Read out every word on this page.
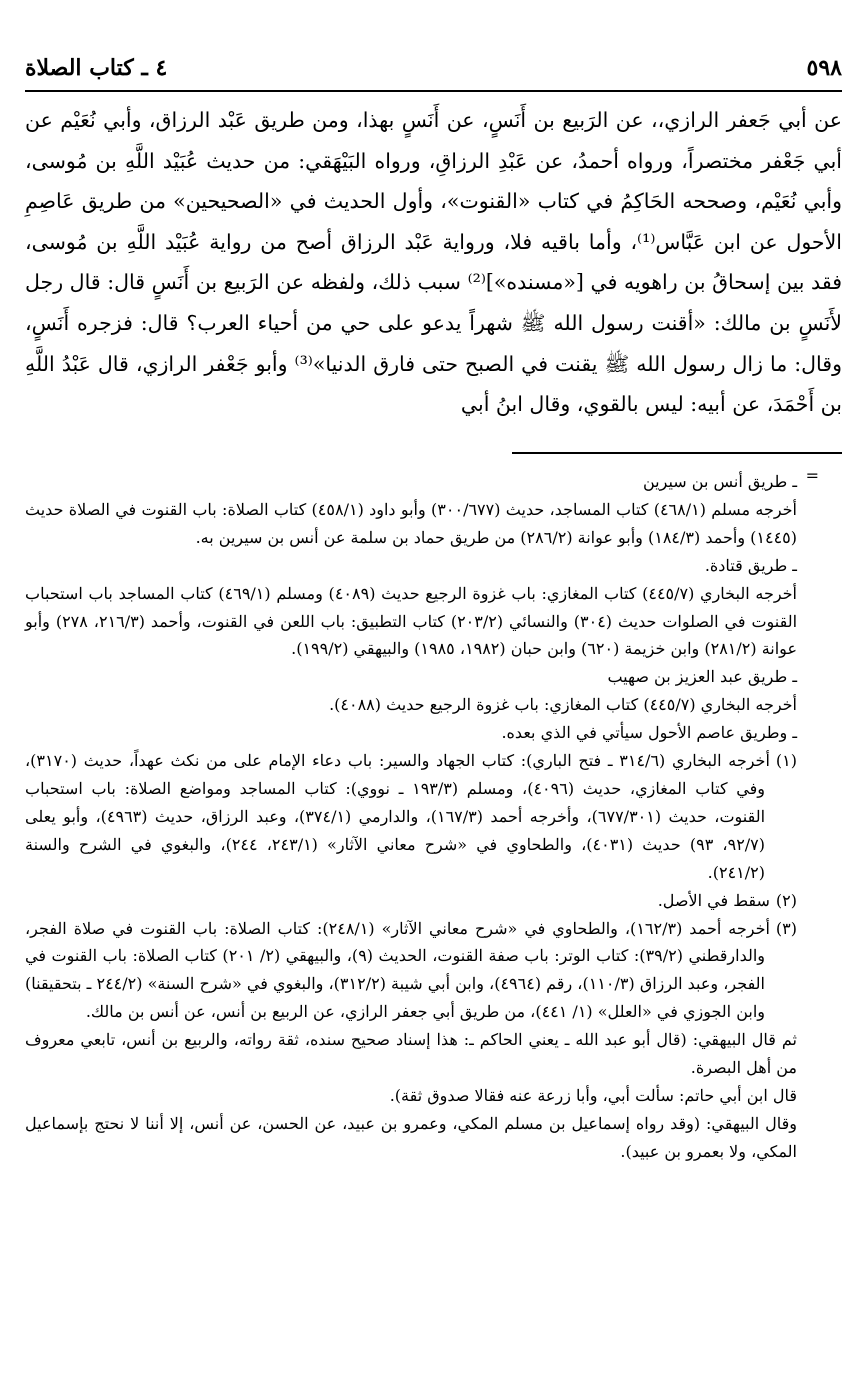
٥٩٨
٤ ـ كتاب الصلاة

عن أبي جَعفر الرازي،، عن الرَبيع بن أَنَسٍ، عن أَنَسٍ بهذا، ومن طريق عَبْد الرزاق، وأبي نُعَيْم عن أبي جَعْفر مختصراً، ورواه أحمدُ، عن عَبْدِ الرزاقِ، ورواه البَيْهَقي: من حديث عُبَيْد اللَّهِ بن مُوسى، وأبي نُعَيْم، وصححه الحَاكِمُ في كتاب «القنوت»، وأول الحديث في «الصحيحين» من طريق عَاصِمِ الأحول عن ابن عَبَّاس⁽¹⁾، وأما باقيه فلا، ورواية عَبْد الرزاق أصح من رواية عُبَيْد اللَّهِ بن مُوسى، فقد بين إسحاقُ بن راهويه في [«مسنده»]⁽²⁾ سبب ذلك، ولفظه عن الرَبيع بن أَنَسٍ قال: قال رجل لأَنَسٍ بن مالك: «أقنت رسول الله ﷺ شهراً يدعو على حي من أحياء العرب؟ قال: فزجره أَنَسٍ، وقال: ما زال رسول الله ﷺ يقنت في الصبح حتى فارق الدنيا»⁽³⁾ وأبو جَعْفر الرازي، قال عَبْدُ اللَّهِ بن أَحْمَدَ، عن أبيه: ليس بالقوي، وقال ابنُ أبي

=

ـ طريق أنس بن سيرين

أخرجه مسلم (٤٦٨/١) كتاب المساجد، حديث (٣٠٠/٦٧٧) وأبو داود (٤٥٨/١) كتاب الصلاة: باب القنوت في الصلاة حديث (١٤٤٥) وأحمد (١٨٤/٣) وأبو عوانة (٢٨٦/٢) من طريق حماد بن سلمة عن أنس بن سيرين به.

ـ طريق قتادة.

أخرجه البخاري (٤٤٥/٧) كتاب المغازي: باب غزوة الرجيع حديث (٤٠٨٩) ومسلم (٤٦٩/١) كتاب المساجد باب استحباب القنوت في الصلوات حديث (٣٠٤) والنسائي (٢٠٣/٢) كتاب التطبيق: باب اللعن في القنوت، وأحمد (٢١٦/٣، ٢٧٨) وأبو عوانة (٢٨١/٢) وابن خزيمة (٦٢٠) وابن حبان (١٩٨٢، ١٩٨٥) والبيهقي (١٩٩/٢).

ـ طريق عبد العزيز بن صهيب

أخرجه البخاري (٤٤٥/٧) كتاب المغازي: باب غزوة الرجيع حديث (٤٠٨٨).

ـ وطريق عاصم الأحول سيأتي في الذي بعده.

(١)أخرجه البخاري (٣١٤/٦ ـ فتح الباري): كتاب الجهاد والسير: باب دعاء الإمام على من نكث عهداً، حديث (٣١٧٠)، وفي كتاب المغازي، حديث (٤٠٩٦)، ومسلم (١٩٣/٣ ـ نووي): كتاب المساجد ومواضع الصلاة: باب استحباب القنوت، حديث (٦٧٧/٣٠١)، وأخرجه أحمد (١٦٧/٣)، والدارمي (٣٧٤/١)، وعبد الرزاق، حديث (٤٩٦٣)، وأبو يعلى (٩٢/٧، ٩٣) حديث (٤٠٣١)، والطحاوي في «شرح معاني الآثار» (٢٤٣/١، ٢٤٤)، والبغوي في الشرح والسنة (٢٤١/٢).

(٢)سقط في الأصل.

(٣)أخرجه أحمد (١٦٢/٣)، والطحاوي في «شرح معاني الآثار» (٢٤٨/١): كتاب الصلاة: باب القنوت في صلاة الفجر، والدارقطني (٣٩/٢): كتاب الوتر: باب صفة القنوت، الحديث (٩)، والبيهقي (٢/ ٢٠١) كتاب الصلاة: باب القنوت في الفجر، وعبد الرزاق (١١٠/٣)، رقم (٤٩٦٤)، وابن أبي شيبة (٣١٢/٢)، والبغوي في «شرح السنة» (٢٤٤/٢ ـ بتحقيقنا) وابن الجوزي في «العلل» (١/ ٤٤١)، من طريق أبي جعفر الرازي، عن الربيع بن أنس، عن أنس بن مالك.

ثم قال البيهقي: (قال أبو عبد الله ـ يعني الحاكم ـ: هذا إسناد صحيح سنده، ثقة رواته، والربيع بن أنس، تابعي معروف من أهل البصرة.

قال ابن أبي حاتم: سألت أبي، وأبا زرعة عنه فقالا صدوق ثقة).

وقال البيهقي: (وقد رواه إسماعيل بن مسلم المكي، وعمرو بن عبيد، عن الحسن، عن أنس، إلا أننا لا نحتج بإسماعيل المكي، ولا بعمرو بن عبيد).
